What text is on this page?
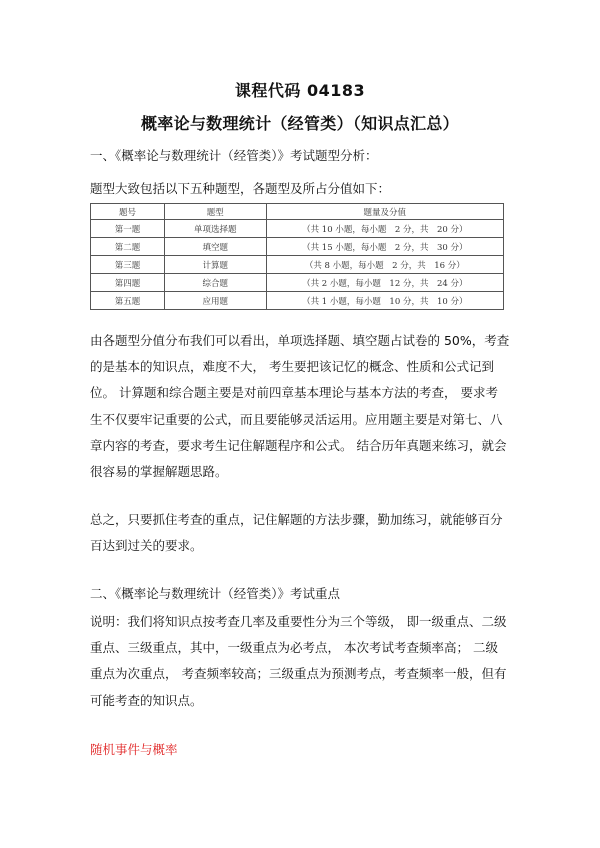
课程代码 04183
概率论与数理统计（经管类）（知识点汇总）
一、《概率论与数理统计（经管类）》考试题型分析：
题型大致包括以下五种题型，各题型及所占分值如下：
题号	题型	题量及分值
第一题	单项选择题	（共 10 小题，每小题　2 分，共　20 分）
第二题	填空题	（共 15 小题，每小题　2 分，共　30 分）
第三题	计算题	（共 8 小题，每小题　2 分，共　16 分）
第四题	综合题	（共 2 小题，每小题　12 分，共　24 分）
第五题	应用题	（共 1 小题，每小题　10 分，共　10 分）

由各题型分值分布我们可以看出，单项选择题、填空题占试卷的 50%，考查的是基本的知识点，难度不大， 考生要把该记忆的概念、性质和公式记到位。 计算题和综合题主要是对前四章基本理论与基本方法的考查， 要求考生不仅要牢记重要的公式，而且要能够灵活运用。应用题主要是对第七、八章内容的考查，要求考生记住解题程序和公式。 结合历年真题来练习，就会很容易的掌握解题思路。

总之，只要抓住考查的重点，记住解题的方法步骤，勤加练习，就能够百分百达到过关的要求。

二、《概率论与数理统计（经管类）》考试重点

说明：我们将知识点按考查几率及重要性分为三个等级， 即一级重点、二级重点、三级重点，其中，一级重点为必考点， 本次考试考查频率高； 二级重点为次重点， 考查频率较高；三级重点为预测考点，考查频率一般，但有可能考查的知识点。

随机事件与概率
